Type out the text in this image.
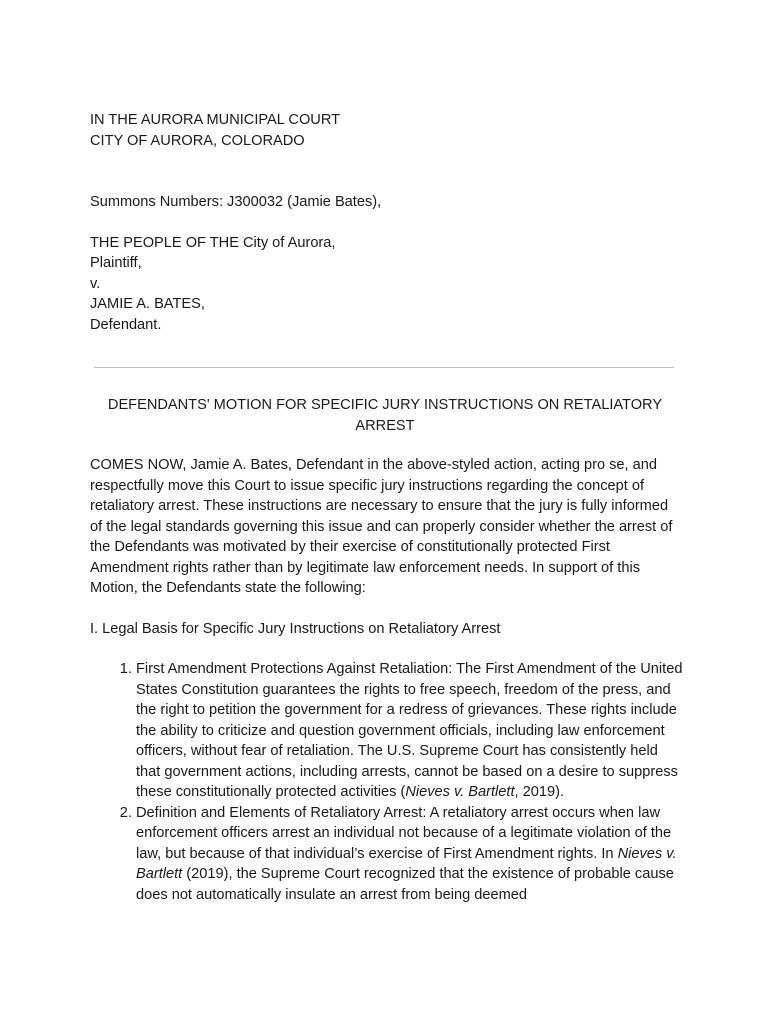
IN THE AURORA MUNICIPAL COURT
CITY OF AURORA, COLORADO
Summons Numbers: J300032 (Jamie Bates),
THE PEOPLE OF THE City of Aurora,
Plaintiff,
v.
JAMIE A. BATES,
Defendant.
DEFENDANTS' MOTION FOR SPECIFIC JURY INSTRUCTIONS ON RETALIATORY ARREST

COMES NOW, Jamie A. Bates, Defendant in the above-styled action, acting pro se, and respectfully move this Court to issue specific jury instructions regarding the concept of retaliatory arrest. These instructions are necessary to ensure that the jury is fully informed of the legal standards governing this issue and can properly consider whether the arrest of the Defendants was motivated by their exercise of constitutionally protected First Amendment rights rather than by legitimate law enforcement needs. In support of this Motion, the Defendants state the following:

I. Legal Basis for Specific Jury Instructions on Retaliatory Arrest

1. First Amendment Protections Against Retaliation: The First Amendment of the United States Constitution guarantees the rights to free speech, freedom of the press, and the right to petition the government for a redress of grievances. These rights include the ability to criticize and question government officials, including law enforcement officers, without fear of retaliation. The U.S. Supreme Court has consistently held that government actions, including arrests, cannot be based on a desire to suppress these constitutionally protected activities (Nieves v. Bartlett, 2019).
2. Definition and Elements of Retaliatory Arrest: A retaliatory arrest occurs when law enforcement officers arrest an individual not because of a legitimate violation of the law, but because of that individual’s exercise of First Amendment rights. In Nieves v. Bartlett (2019), the Supreme Court recognized that the existence of probable cause does not automatically insulate an arrest from being deemed
